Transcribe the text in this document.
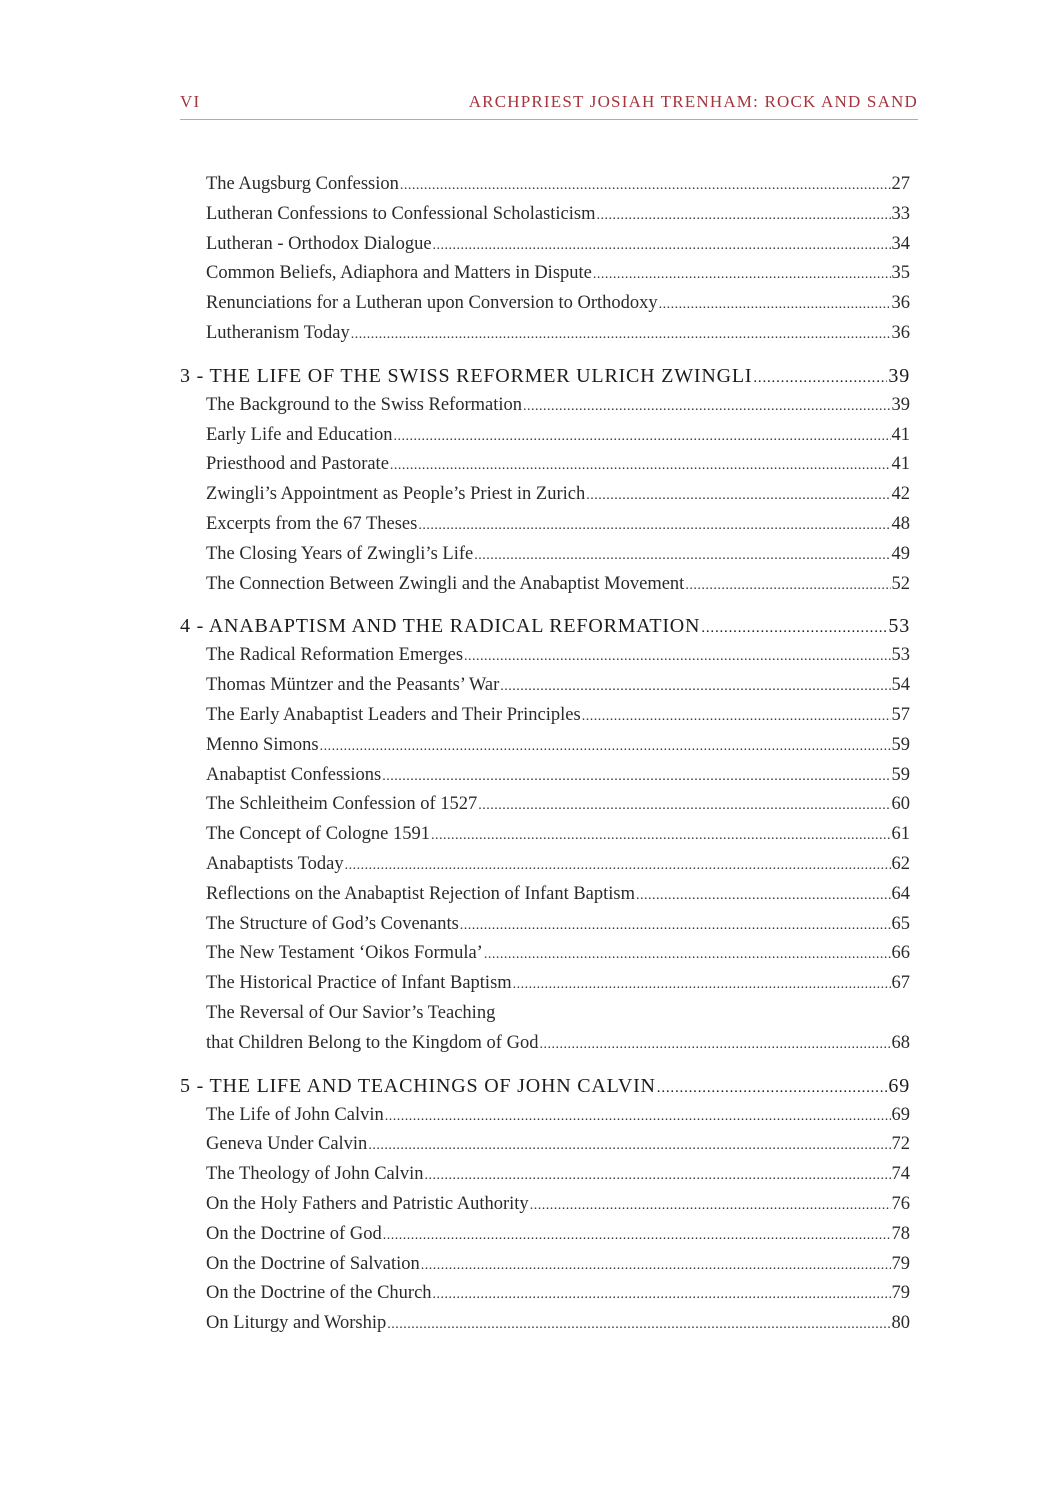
VI	ARCHPRIEST JOSIAH TRENHAM: ROCK AND SAND
The Augsburg Confession .....	27
Lutheran Confessions to Confessional Scholasticism .....	33
Lutheran - Orthodox Dialogue .....	34
Common Beliefs, Adiaphora and Matters in Dispute .....	35
Renunciations for a Lutheran upon Conversion to Orthodoxy .....	36
Lutheranism Today .....	36
3 - THE LIFE OF THE SWISS REFORMER ULRICH ZWINGLI .....	39
The Background to the Swiss Reformation .....	39
Early Life and Education .....	41
Priesthood and Pastorate .....	41
Zwingli’s Appointment as People’s Priest in Zurich .....	42
Excerpts from the 67 Theses .....	48
The Closing Years of Zwingli’s Life .....	49
The Connection Between Zwingli and the Anabaptist Movement .....	52
4 - ANABAPTISM AND THE RADICAL REFORMATION .....	53
The Radical Reformation Emerges .....	53
Thomas Müntzer and the Peasants’ War .....	54
The Early Anabaptist Leaders and Their Principles .....	57
Menno Simons .....	59
Anabaptist Confessions .....	59
The Schleitheim Confession of 1527 .....	60
The Concept of Cologne 1591 .....	61
Anabaptists Today .....	62
Reflections on the Anabaptist Rejection of Infant Baptism .....	64
The Structure of God’s Covenants .....	65
The New Testament ‘Oikos Formula’ .....	66
The Historical Practice of Infant Baptism .....	67
The Reversal of Our Savior’s Teaching
that Children Belong to the Kingdom of God .....	68
5 - THE LIFE AND TEACHINGS OF JOHN CALVIN .....	69
The Life of John Calvin .....	69
Geneva Under Calvin .....	72
The Theology of John Calvin .....	74
On the Holy Fathers and Patristic Authority .....	76
On the Doctrine of God .....	78
On the Doctrine of Salvation .....	79
On the Doctrine of the Church .....	79
On Liturgy and Worship .....	80
